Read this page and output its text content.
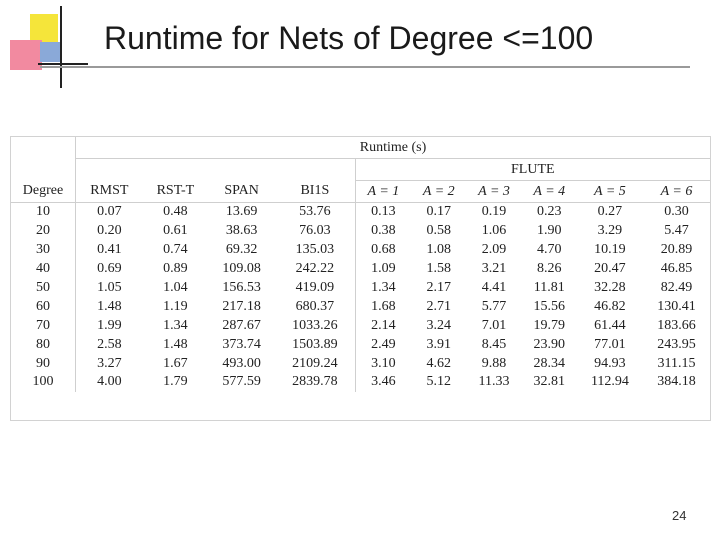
Runtime for Nets of Degree <=100
	Runtime (s)									
					FLUTE					
Degree	RMST	RST-T	SPAN	BI1S	A = 1	A = 2	A = 3	A = 4	A = 5	A = 6
10	0.07	0.48	13.69	53.76	0.13	0.17	0.19	0.23	0.27	0.30
20	0.20	0.61	38.63	76.03	0.38	0.58	1.06	1.90	3.29	5.47
30	0.41	0.74	69.32	135.03	0.68	1.08	2.09	4.70	10.19	20.89
40	0.69	0.89	109.08	242.22	1.09	1.58	3.21	8.26	20.47	46.85
50	1.05	1.04	156.53	419.09	1.34	2.17	4.41	11.81	32.28	82.49
60	1.48	1.19	217.18	680.37	1.68	2.71	5.77	15.56	46.82	130.41
70	1.99	1.34	287.67	1033.26	2.14	3.24	7.01	19.79	61.44	183.66
80	2.58	1.48	373.74	1503.89	2.49	3.91	8.45	23.90	77.01	243.95
90	3.27	1.67	493.00	2109.24	3.10	4.62	9.88	28.34	94.93	311.15
100	4.00	1.79	577.59	2839.78	3.46	5.12	11.33	32.81	112.94	384.18
24
